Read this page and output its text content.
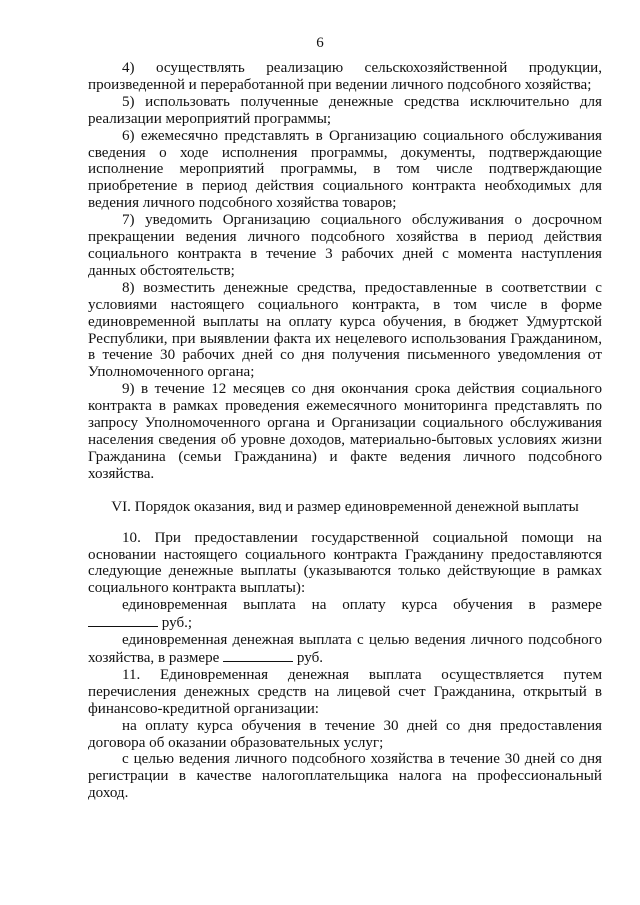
6

4) осуществлять реализацию сельскохозяйственной продукции, произведенной и переработанной при ведении личного подсобного хозяйства;

5) использовать полученные денежные средства исключительно для реализации мероприятий программы;

6) ежемесячно представлять в Организацию социального обслуживания сведения о ходе исполнения программы, документы, подтверждающие исполнение мероприятий программы, в том числе подтверждающие приобретение в период действия социального контракта необходимых для ведения личного подсобного хозяйства товаров;

7) уведомить Организацию социального обслуживания о досрочном прекращении ведения личного подсобного хозяйства в период действия социального контракта в течение 3 рабочих дней с момента наступления данных обстоятельств;

8) возместить денежные средства, предоставленные в соответствии с условиями настоящего социального контракта, в том числе в форме единовременной выплаты на оплату курса обучения, в бюджет Удмуртской Республики, при выявлении факта их нецелевого использования Гражданином, в течение 30 рабочих дней со дня получения письменного уведомления от Уполномоченного органа;

9) в течение 12 месяцев со дня окончания срока действия социального контракта в рамках проведения ежемесячного мониторинга представлять по запросу Уполномоченного органа и Организации социального обслуживания населения сведения об уровне доходов, материально-бытовых условиях жизни Гражданина (семьи Гражданина) и факте ведения личного подсобного хозяйства.

VI. Порядок оказания, вид и размер единовременной денежной выплаты

10. При предоставлении государственной социальной помощи на основании настоящего социального контракта Гражданину предоставляются следующие денежные выплаты (указываются только действующие в рамках социального контракта выплаты):

единовременная выплата на оплату курса обучения в размере

руб.;

единовременная денежная выплата с целью ведения личного подсобного хозяйства, в размере	руб.

11. Единовременная денежная выплата осуществляется путем перечисления денежных средств на лицевой счет Гражданина, открытый в финансово-кредитной организации:

на оплату курса обучения в течение 30 дней со дня предоставления договора об оказании образовательных услуг;

с целью ведения личного подсобного хозяйства в течение 30 дней со дня регистрации в качестве налогоплательщика налога на профессиональный доход.
